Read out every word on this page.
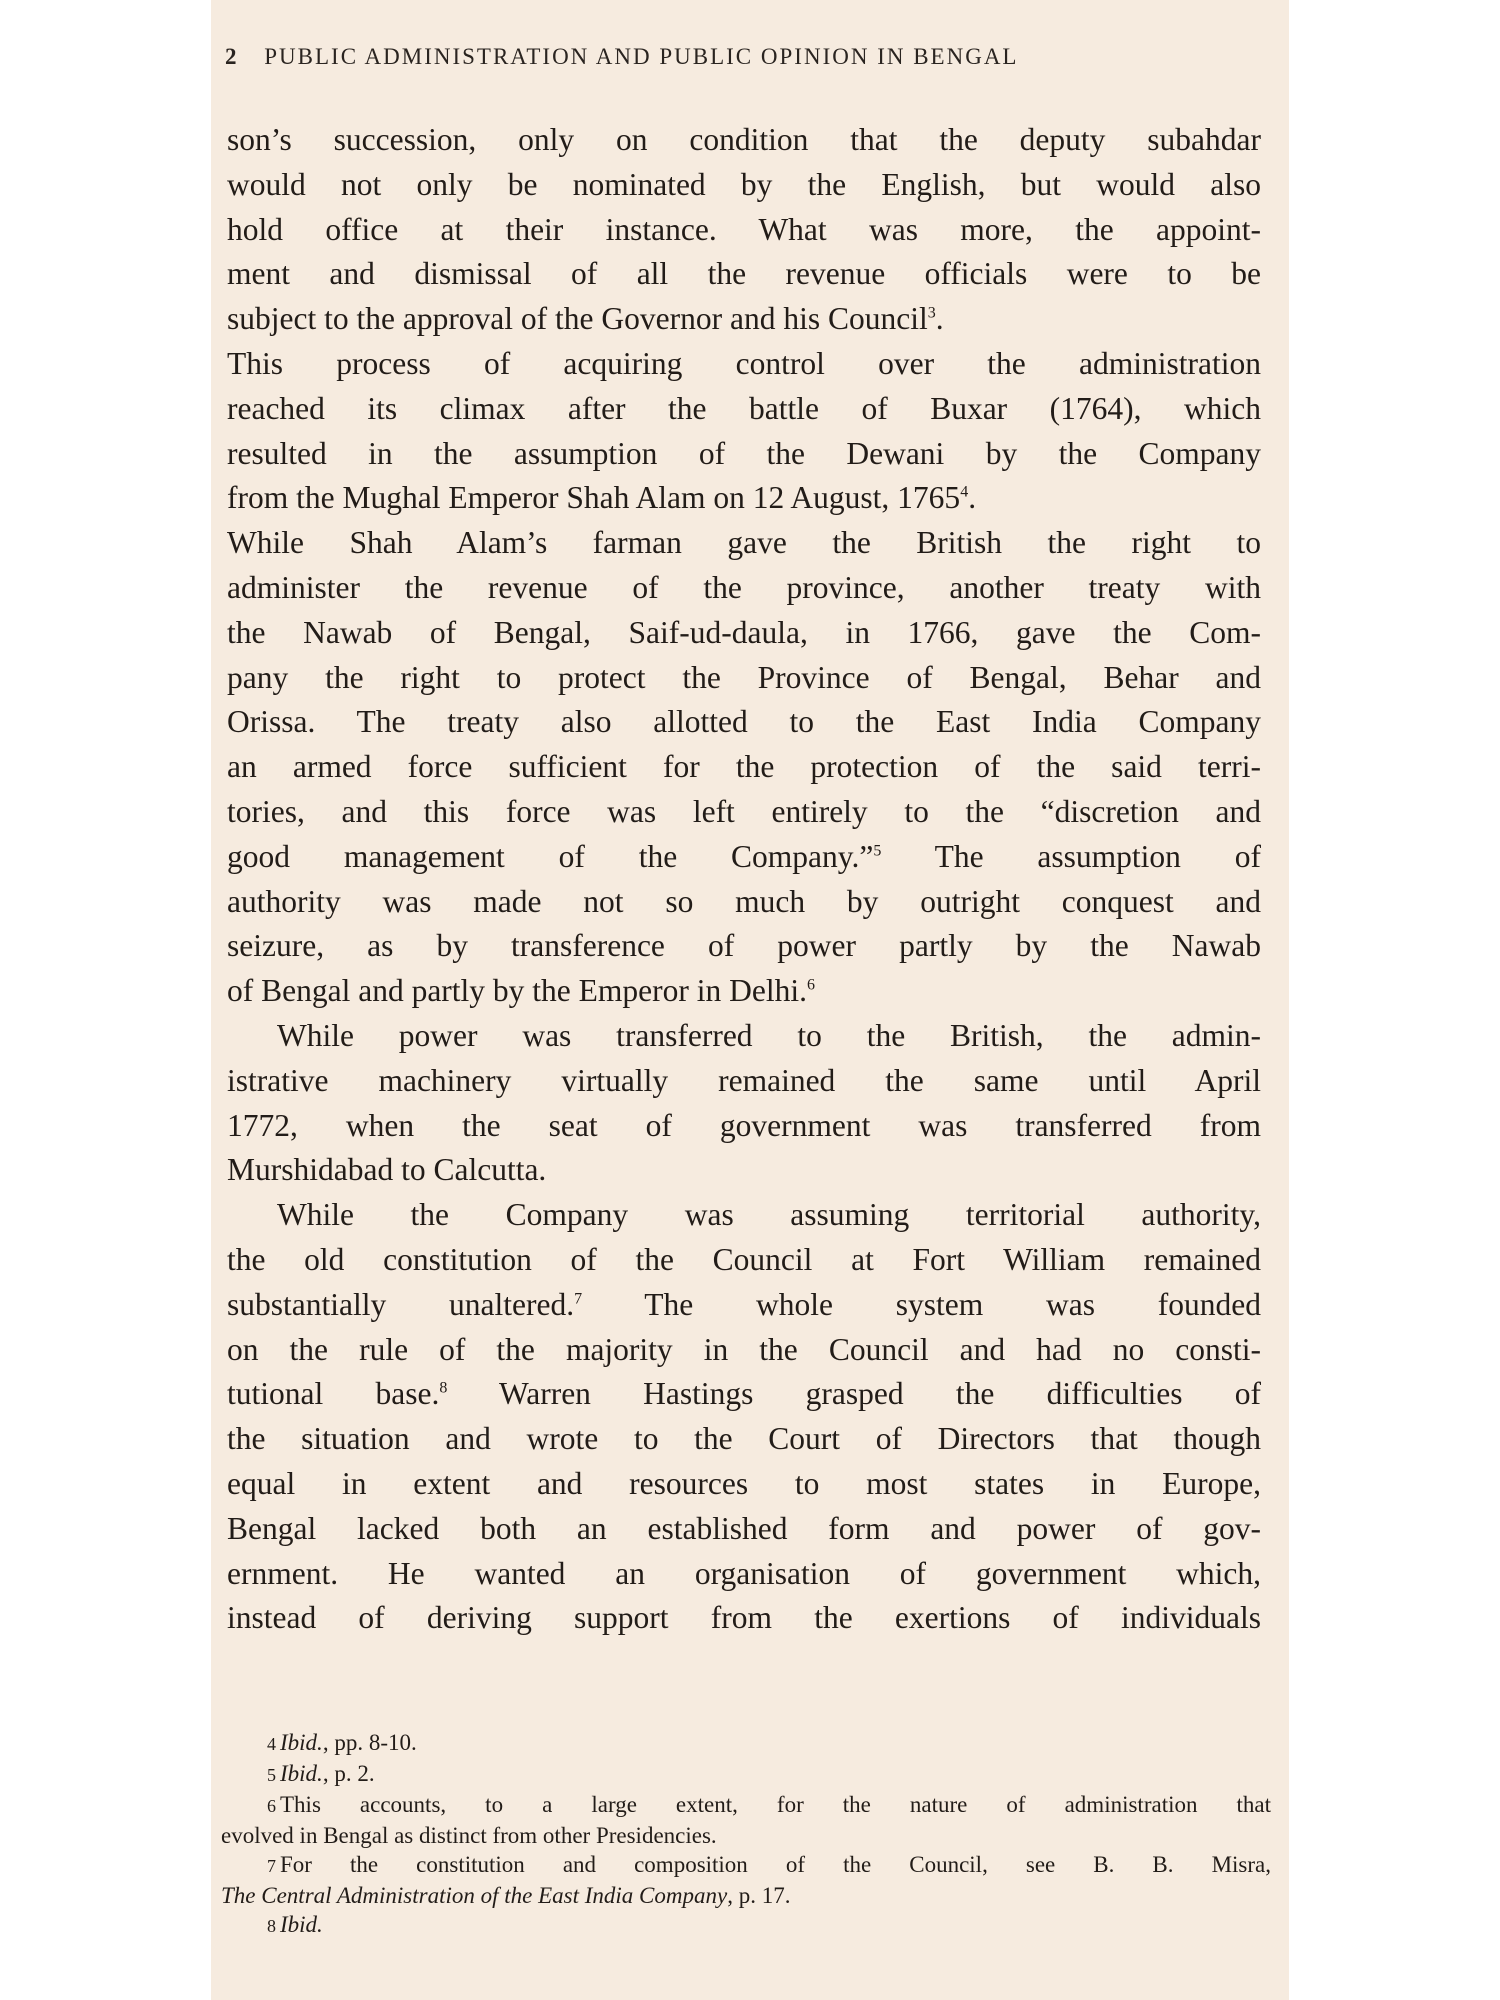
2 PUBLIC ADMINISTRATION AND PUBLIC OPINION IN BENGAL
son’s succession, only on condition that the deputy subahdar
would not only be nominated by the English, but would also
hold office at their instance. What was more, the appoint-
ment and dismissal of all the revenue officials were to be
subject to the approval of the Governor and his Council$^3$.
This process of acquiring control over the administration
reached its climax after the battle of Buxar (1764), which
resulted in the assumption of the Dewani by the Company
from the Mughal Emperor Shah Alam on 12 August, 1765$^4$.
While Shah Alam’s farman gave the British the right to
administer the revenue of the province, another treaty with
the Nawab of Bengal, Saif-ud-daula, in 1766, gave the Com-
pany the right to protect the Province of Bengal, Behar and
Orissa. The treaty also allotted to the East India Company
an armed force sufficient for the protection of the said terri-
tories, and this force was left entirely to the “discretion and
good management of the Company.”$^5$ The assumption of
authority was made not so much by outright conquest and
seizure, as by transference of power partly by the Nawab
of Bengal and partly by the Emperor in Delhi.$^6$
While power was transferred to the British, the admin-
istrative machinery virtually remained the same until April
1772, when the seat of government was transferred from
Murshidabad to Calcutta.
While the Company was assuming territorial authority,
the old constitution of the Council at Fort William remained
substantially unaltered.$^7$ The whole system was founded
on the rule of the majority in the Council and had no consti-
tutional base.$^8$ Warren Hastings grasped the difficulties of
the situation and wrote to the Court of Directors that though
equal in extent and resources to most states in Europe,
Bengal lacked both an established form and power of gov-
ernment. He wanted an organisation of government which,
instead of deriving support from the exertions of individuals
4 Ibid., pp. 8-10.
5 Ibid., p. 2.
6 This accounts, to a large extent, for the nature of administration that
evolved in Bengal as distinct from other Presidencies.
7 For the constitution and composition of the Council, see B. B. Misra,
The Central Administration of the East India Company, p. 17.
8 Ibid.
